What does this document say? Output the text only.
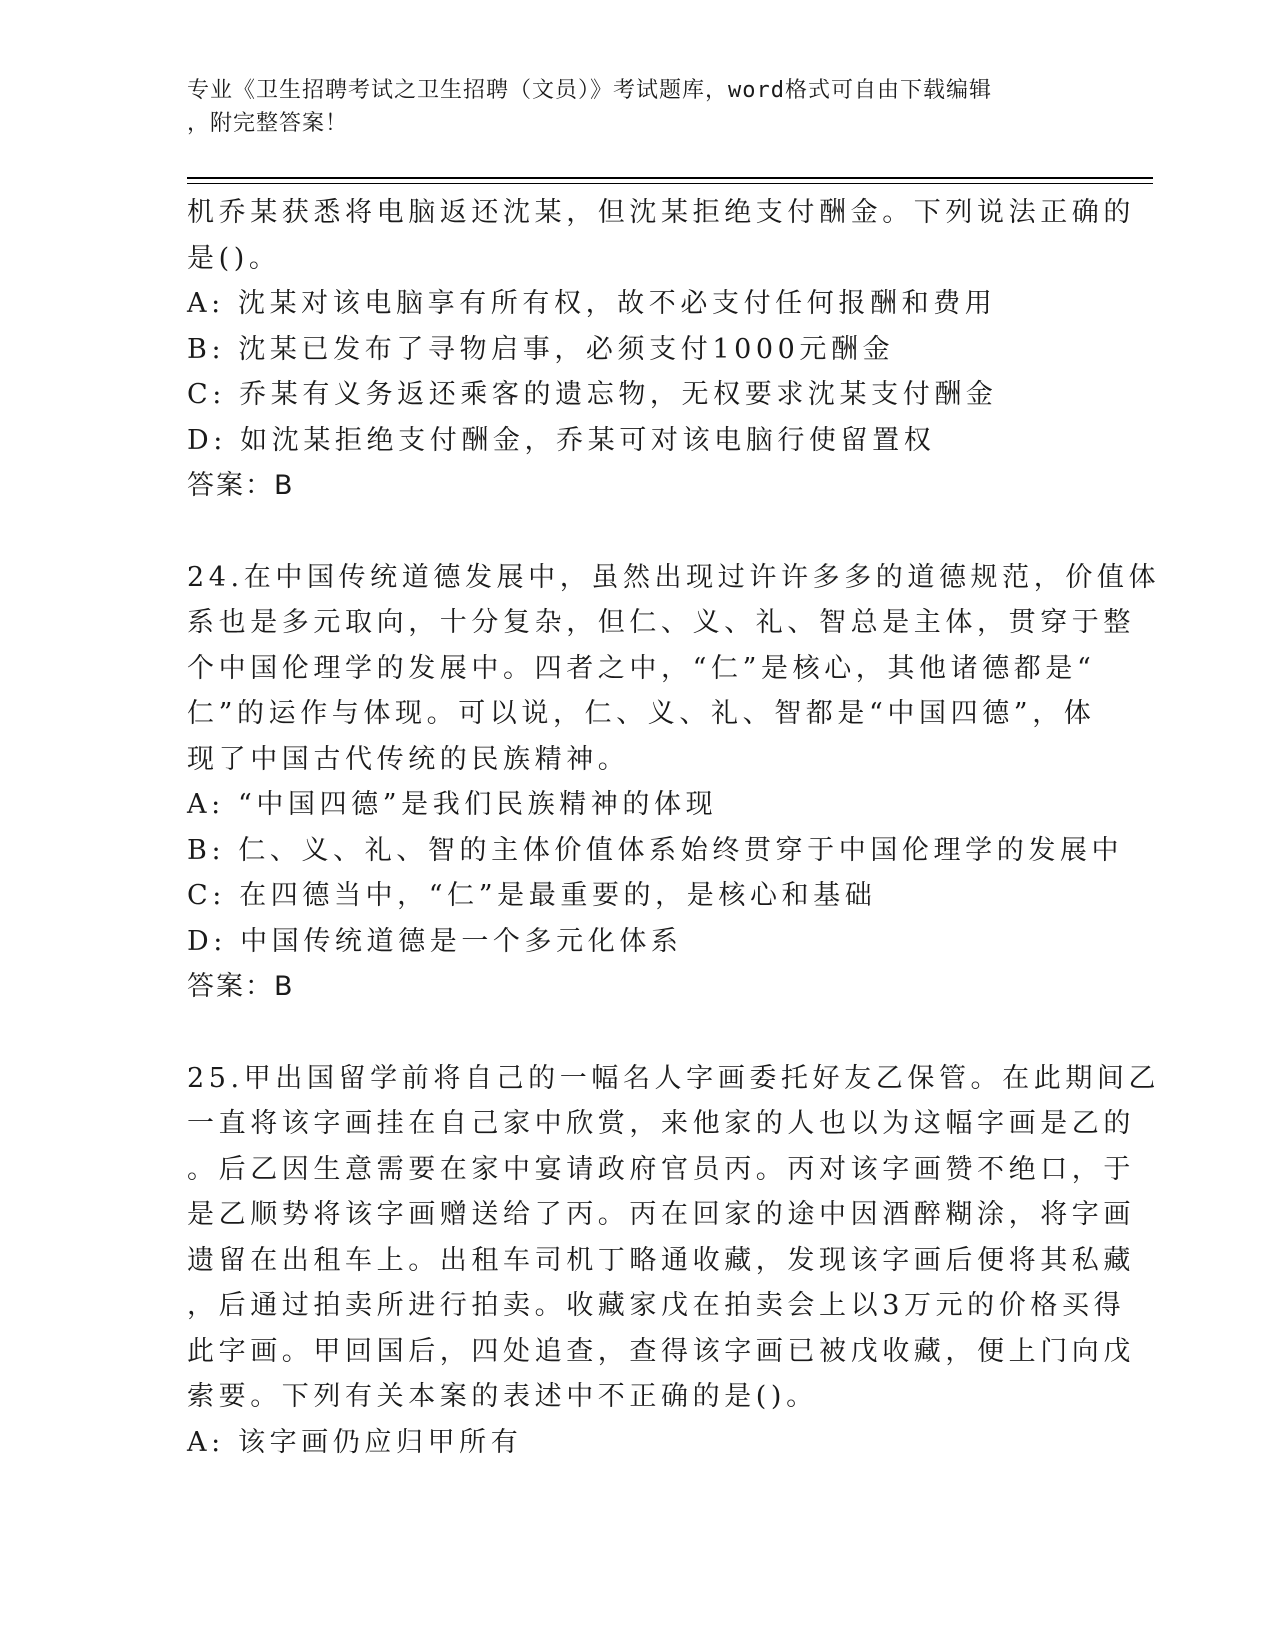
专业《卫生招聘考试之卫生招聘（文员）》考试题库，word格式可自由下载编辑
，附完整答案！
机乔某获悉将电脑返还沈某，但沈某拒绝支付酬金。下列说法正确的
是()。
A: 沈某对该电脑享有所有权，故不必支付任何报酬和费用
B: 沈某已发布了寻物启事，必须支付1000元酬金
C: 乔某有义务返还乘客的遗忘物，无权要求沈某支付酬金
D: 如沈某拒绝支付酬金，乔某可对该电脑行使留置权
答案：B
24.在中国传统道德发展中，虽然出现过许许多多的道德规范，价值体
系也是多元取向，十分复杂，但仁、义、礼、智总是主体，贯穿于整
个中国伦理学的发展中。四者之中，“仁”是核心，其他诸德都是“
仁”的运作与体现。可以说，仁、义、礼、智都是“中国四德”，体
现了中国古代传统的民族精神。
A: “中国四德”是我们民族精神的体现
B: 仁、义、礼、智的主体价值体系始终贯穿于中国伦理学的发展中
C: 在四德当中，“仁”是最重要的，是核心和基础
D: 中国传统道德是一个多元化体系
答案：B
25.甲出国留学前将自己的一幅名人字画委托好友乙保管。在此期间乙
一直将该字画挂在自己家中欣赏，来他家的人也以为这幅字画是乙的
。后乙因生意需要在家中宴请政府官员丙。丙对该字画赞不绝口，于
是乙顺势将该字画赠送给了丙。丙在回家的途中因酒醉糊涂，将字画
遗留在出租车上。出租车司机丁略通收藏，发现该字画后便将其私藏
，后通过拍卖所进行拍卖。收藏家戊在拍卖会上以3万元的价格买得
此字画。甲回国后，四处追查，查得该字画已被戊收藏，便上门向戊
索要。下列有关本案的表述中不正确的是()。
A: 该字画仍应归甲所有
